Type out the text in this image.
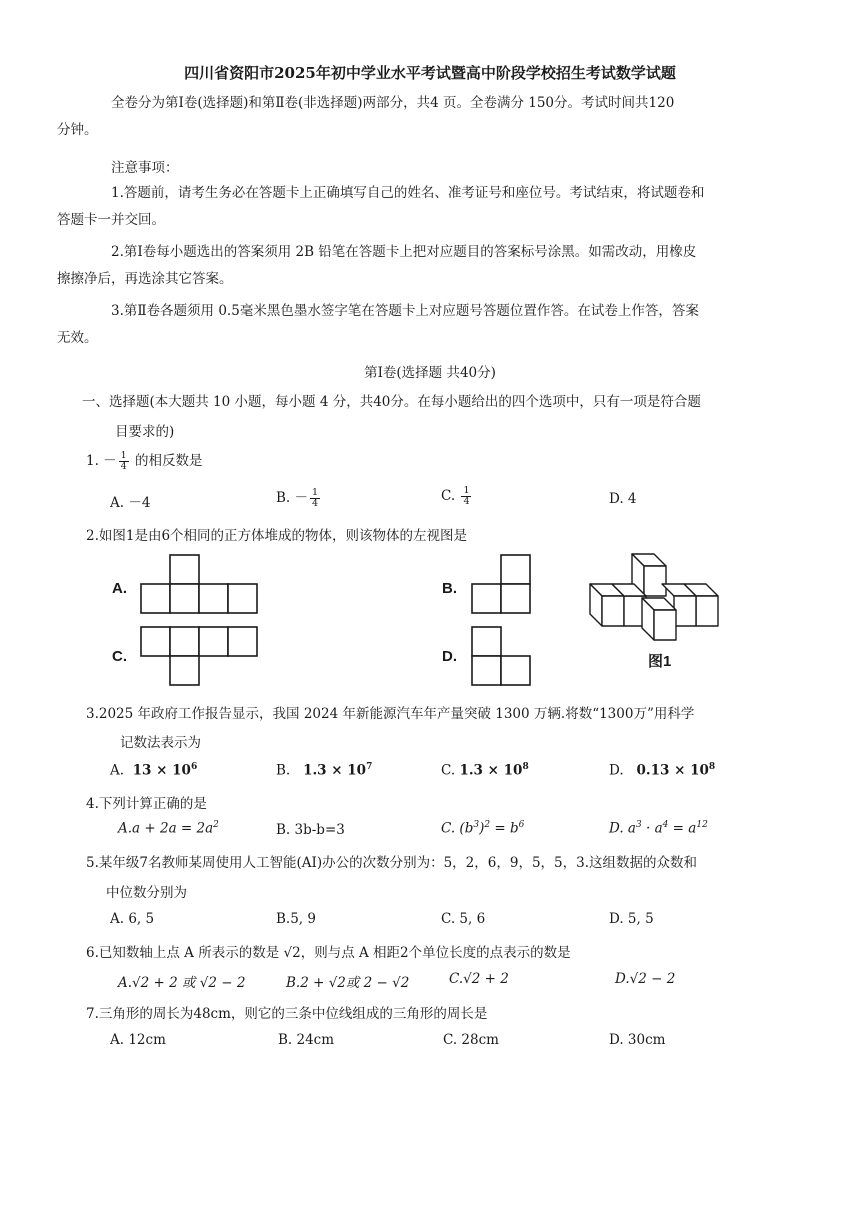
四川省资阳市2025年初中学业水平考试暨高中阶段学校招生考试数学试题
全卷分为第Ⅰ卷(选择题)和第Ⅱ卷(非选择题)两部分，共4 页。全卷满分 150分。考试时间共120
分钟。
注意事项：
1.答题前，请考生务必在答题卡上正确填写自己的姓名、准考证号和座位号。考试结束，将试题卷和
答题卡一并交回。
2.第Ⅰ卷每小题选出的答案须用 2B 铅笔在答题卡上把对应题目的答案标号涂黑。如需改动，用橡皮
擦擦净后，再选涂其它答案。
3.第Ⅱ卷各题须用 0.5毫米黑色墨水签字笔在答题卡上对应题号答题位置作答。在试卷上作答，答案
无效。
第Ⅰ卷(选择题 共40分)
一、选择题(本大题共 10 小题，每小题 4 分，共40分。在每小题给出的四个选项中，只有一项是符合题
目要求的)
1. － $\frac{1}{4}$ 的相反数是
A. －4	B. － $\frac{1}{4}$	C. $\frac{1}{4}$	D. 4
2.如图1是由6个相同的正方体堆成的物体，则该物体的左视图是
A.	B.
C.	D.	图1
3.2025 年政府工作报告显示，我国 2024 年新能源汽车年产量突破 1300 万辆.将数“1300万”用科学
记数法表示为
A. $13 \times 10^6$	B. $1.3 \times 10^7$	C. $1.3 \times 10^8$	D. $0.13 \times 10^8$
4.下列计算正确的是
$A.a + 2a = 2a^2$	B. 3b-b=3	C. $(b^3)^2 = b^6$	D. $a^3 \cdot a^4 = a^{12}$
5.某年级7名教师某周使用人工智能(AI)办公的次数分别为：5，2，6，9，5，5，3.这组数据的众数和
中位数分别为
A. 6, 5	B.5, 9	C. 5, 6	D. 5, 5
6.已知数轴上点 A 所表示的数是 √2，则与点 A 相距2个单位长度的点表示的数是
A.√2 + 2 或 √2 − 2	B.2 + √2或 2 − √2	C.√2 + 2	D.√2 − 2
7.三角形的周长为48cm，则它的三条中位线组成的三角形的周长是
A. 12cm	B. 24cm	C. 28cm	D. 30cm
